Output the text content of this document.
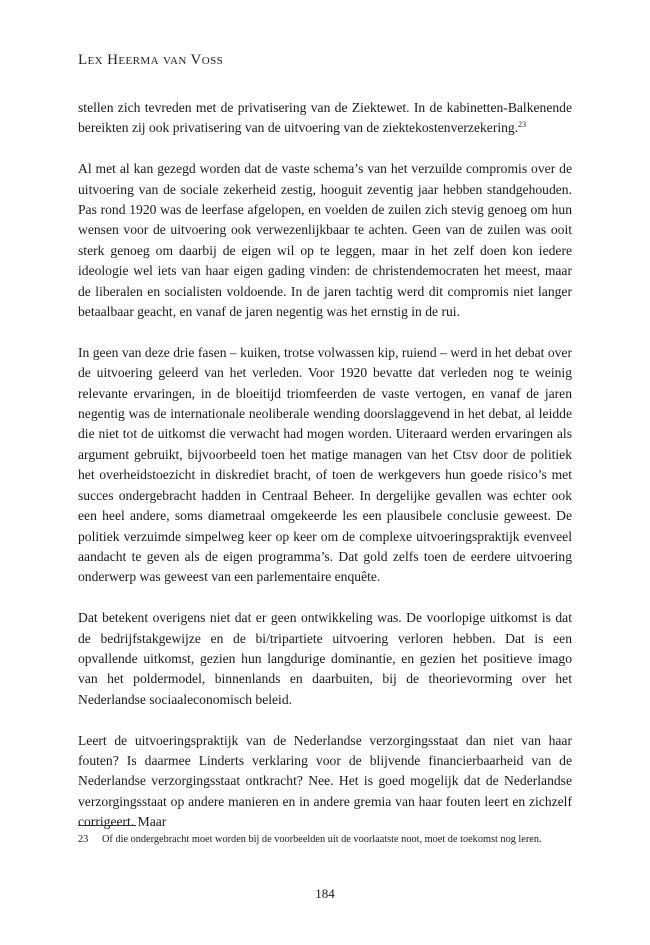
Lex Heerma van Voss

stellen zich tevreden met de privatisering van de Ziektewet. In de kabinetten-Balkenende bereikten zij ook privatisering van de uitvoering van de ziektekostenverzekering.$^{23}$

Al met al kan gezegd worden dat de vaste schema’s van het verzuilde compromis over de uitvoering van de sociale zekerheid zestig, hooguit zeventig jaar hebben standgehouden. Pas rond 1920 was de leerfase afgelopen, en voelden de zuilen zich stevig genoeg om hun wensen voor de uitvoering ook verwezenlijkbaar te achten. Geen van de zuilen was ooit sterk genoeg om daarbij de eigen wil op te leggen, maar in het zelf doen kon iedere ideologie wel iets van haar eigen gading vinden: de christendemocraten het meest, maar de liberalen en socialisten voldoende. In de jaren tachtig werd dit compromis niet langer betaalbaar geacht, en vanaf de jaren negentig was het ernstig in de rui.

In geen van deze drie fasen – kuiken, trotse volwassen kip, ruiend – werd in het debat over de uitvoering geleerd van het verleden. Voor 1920 bevatte dat verleden nog te weinig relevante ervaringen, in de bloeitijd triomfeerden de vaste vertogen, en vanaf de jaren negentig was de internationale neoliberale wending doorslaggevend in het debat, al leidde die niet tot de uitkomst die verwacht had mogen worden. Uiteraard werden ervaringen als argument gebruikt, bijvoorbeeld toen het matige managen van het Ctsv door de politiek het overheidstoezicht in diskrediet bracht, of toen de werkgevers hun goede risico’s met succes ondergebracht hadden in Centraal Beheer. In dergelijke gevallen was echter ook een heel andere, soms diametraal omgekeerde les een plausibele conclusie geweest. De politiek verzuimde simpelweg keer op keer om de complexe uitvoeringspraktijk evenveel aandacht te geven als de eigen programma’s. Dat gold zelfs toen de eerdere uitvoering onderwerp was geweest van een parlementaire enquête.

Dat betekent overigens niet dat er geen ontwikkeling was. De voorlopige uitkomst is dat de bedrijfstakgewijze en de bi/tripartiete uitvoering verloren hebben. Dat is een opvallende uitkomst, gezien hun langdurige dominantie, en gezien het positieve imago van het poldermodel, binnenlands en daarbuiten, bij de theorievorming over het Nederlandse sociaaleconomisch beleid.

Leert de uitvoeringspraktijk van de Nederlandse verzorgingsstaat dan niet van haar fouten? Is daarmee Linderts verklaring voor de blijvende financierbaarheid van de Nederlandse verzorgingsstaat ontkracht? Nee. Het is goed mogelijk dat de Nederlandse verzorgingsstaat op andere manieren en in andere gremia van haar fouten leert en zichzelf corrigeert. Maar

23 Of die ondergebracht moet worden bij de voorbeelden uit de voorlaatste noot, moet de toekomst nog leren.
184
